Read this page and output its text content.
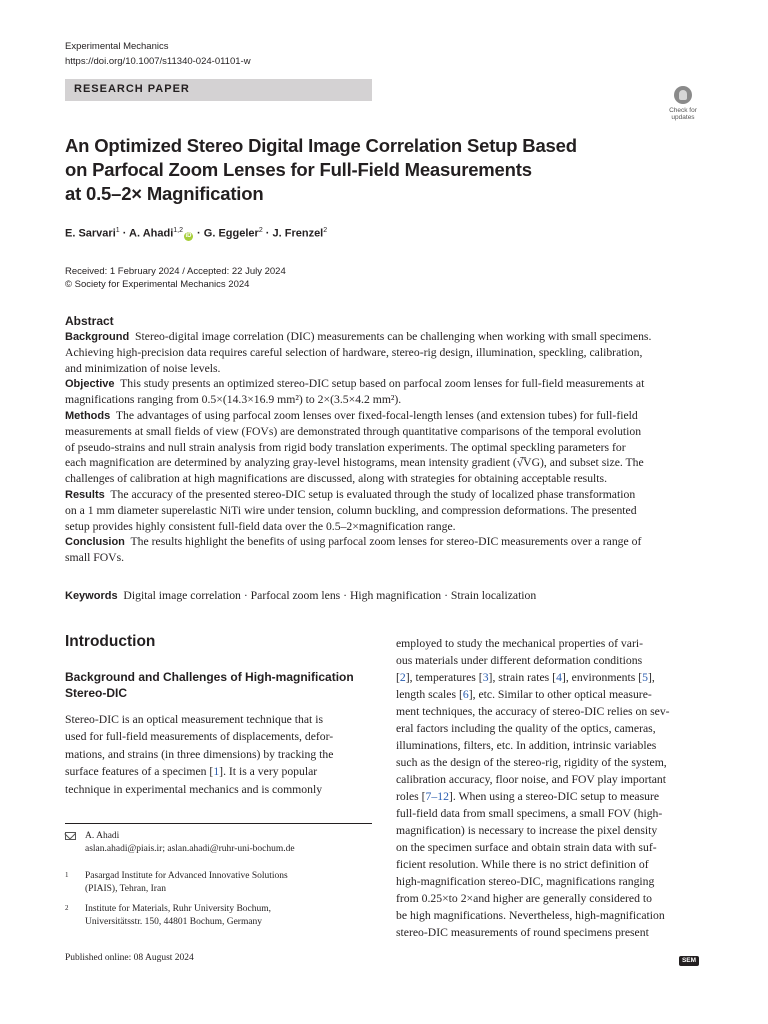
Experimental Mechanics
https://doi.org/10.1007/s11340-024-01101-w
RESEARCH PAPER
Check for
updates
An Optimized Stereo Digital Image Correlation Setup Based
on Parfocal Zoom Lenses for Full-Field Measurements
at 0.5–2× Magnification
E. Sarvari$^1$ · A. Ahadi$^{1,2}$iD · G. Eggeler$^2$ · J. Frenzel$^2$
Received: 1 February 2024 / Accepted: 22 July 2024
© Society for Experimental Mechanics 2024
Abstract
Background Stereo-digital image correlation (DIC) measurements can be challenging when working with small specimens.
Achieving high-precision data requires careful selection of hardware, stereo-rig design, illumination, speckling, calibration,
and minimization of noise levels.
Objective This study presents an optimized stereo-DIC setup based on parfocal zoom lenses for full-field measurements at
magnifications ranging from 0.5×(14.3×16.9 mm²) to 2×(3.5×4.2 mm²).
Methods The advantages of using parfocal zoom lenses over fixed-focal-length lenses (and extension tubes) for full-field
measurements at small fields of view (FOVs) are demonstrated through quantitative comparisons of the temporal evolution
of pseudo-strains and null strain analysis from rigid body translation experiments. The optimal speckling parameters for
each magnification are determined by analyzing gray-level histograms, mean intensity gradient (√̅VG), and subset size. The
challenges of calibration at high magnifications are discussed, along with strategies for obtaining acceptable results.
Results The accuracy of the presented stereo-DIC setup is evaluated through the study of localized phase transformation
on a 1 mm diameter superelastic NiTi wire under tension, column buckling, and compression deformations. The presented
setup provides highly consistent full-field data over the 0.5–2×magnification range.
Conclusion The results highlight the benefits of using parfocal zoom lenses for stereo-DIC measurements over a range of
small FOVs.
Keywords Digital image correlation · Parfocal zoom lens · High magnification · Strain localization
Introduction
Background and Challenges of High-magnification
Stereo-DIC
Stereo-DIC is an optical measurement technique that is
used for full-field measurements of displacements, defor-
mations, and strains (in three dimensions) by tracking the
surface features of a specimen [1]. It is a very popular
technique in experimental mechanics and is commonly
employed to study the mechanical properties of vari-
ous materials under different deformation conditions
[2], temperatures [3], strain rates [4], environments [5],
length scales [6], etc. Similar to other optical measure-
ment techniques, the accuracy of stereo-DIC relies on sev-
eral factors including the quality of the optics, cameras,
illuminations, filters, etc. In addition, intrinsic variables
such as the design of the stereo-rig, rigidity of the system,
calibration accuracy, floor noise, and FOV play important
roles [7–12]. When using a stereo-DIC setup to measure
full-field data from small specimens, a small FOV (high-
magnification) is necessary to increase the pixel density
on the specimen surface and obtain strain data with suf-
ficient resolution. While there is no strict definition of
high-magnification stereo-DIC, magnifications ranging
from 0.25×to 2×and higher are generally considered to
be high magnifications. Nevertheless, high-magnification
stereo-DIC measurements of round specimens present
A. Ahadi
aslan.ahadi@piais.ir; aslan.ahadi@ruhr-uni-bochum.de
1 Pasargad Institute for Advanced Innovative Solutions
(PIAIS), Tehran, Iran
2 Institute for Materials, Ruhr University Bochum,
Universitätsstr. 150, 44801 Bochum, Germany
Published online: 08 August 2024	SEM
